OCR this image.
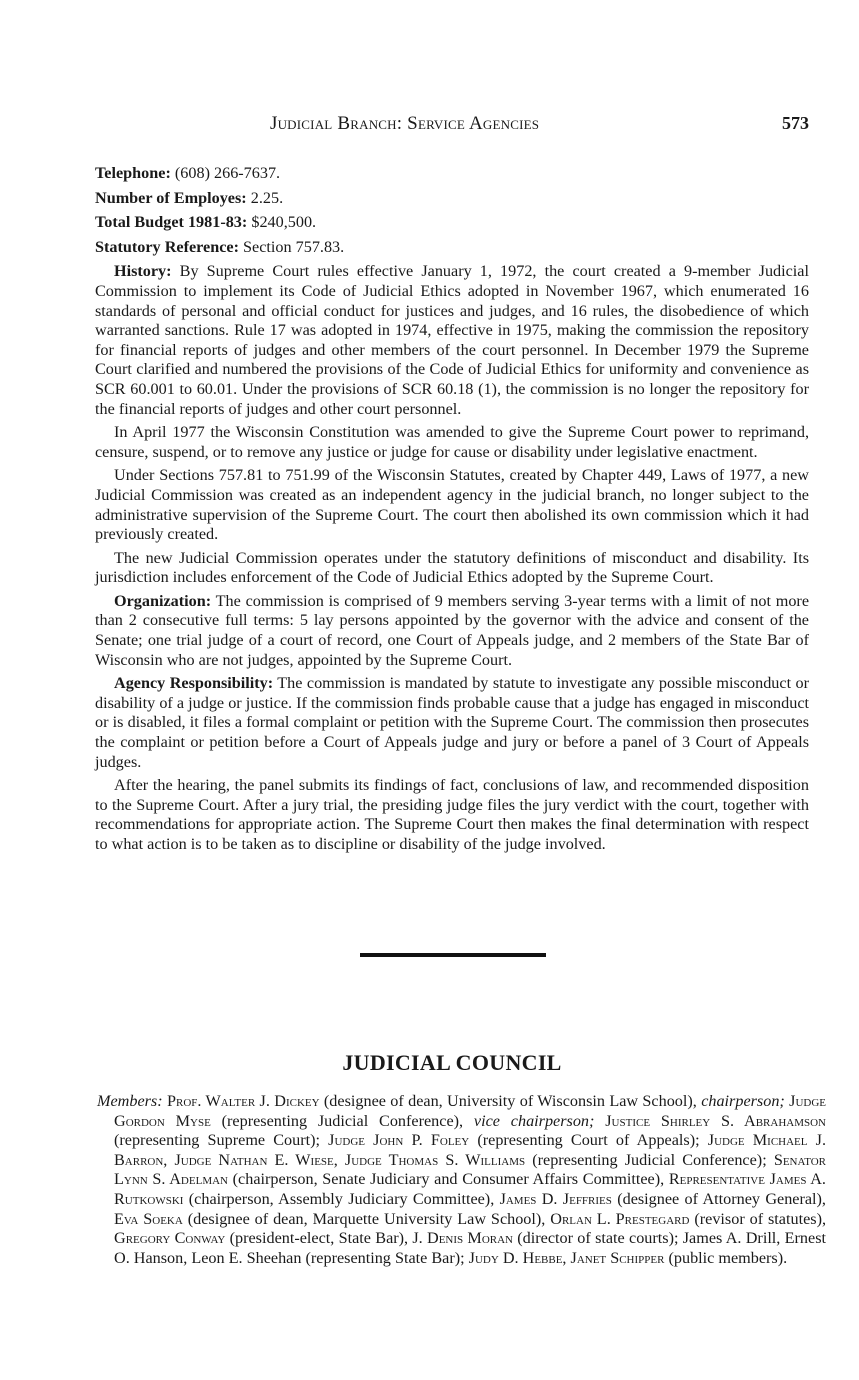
Judicial Branch: Service Agencies	573
Telephone: (608) 266-7637.
Number of Employes: 2.25.
Total Budget 1981-83: $240,500.
Statutory Reference: Section 757.83.

History: By Supreme Court rules effective January 1, 1972, the court created a 9-member Judicial Commission to implement its Code of Judicial Ethics adopted in November 1967, which enumerated 16 standards of personal and official conduct for justices and judges, and 16 rules, the disobedience of which warranted sanctions. Rule 17 was adopted in 1974, effective in 1975, making the commission the repository for financial reports of judges and other members of the court personnel. In December 1979 the Supreme Court clarified and numbered the provisions of the Code of Judicial Ethics for uniformity and convenience as SCR 60.001 to 60.01. Under the provisions of SCR 60.18 (1), the commission is no longer the repository for the financial reports of judges and other court personnel.

In April 1977 the Wisconsin Constitution was amended to give the Supreme Court power to reprimand, censure, suspend, or to remove any justice or judge for cause or disability under legislative enactment.

Under Sections 757.81 to 751.99 of the Wisconsin Statutes, created by Chapter 449, Laws of 1977, a new Judicial Commission was created as an independent agency in the judicial branch, no longer subject to the administrative supervision of the Supreme Court. The court then abolished its own commission which it had previously created.

The new Judicial Commission operates under the statutory definitions of misconduct and disability. Its jurisdiction includes enforcement of the Code of Judicial Ethics adopted by the Supreme Court.

Organization: The commission is comprised of 9 members serving 3-year terms with a limit of not more than 2 consecutive full terms: 5 lay persons appointed by the governor with the advice and consent of the Senate; one trial judge of a court of record, one Court of Appeals judge, and 2 members of the State Bar of Wisconsin who are not judges, appointed by the Supreme Court.

Agency Responsibility: The commission is mandated by statute to investigate any possible misconduct or disability of a judge or justice. If the commission finds probable cause that a judge has engaged in misconduct or is disabled, it files a formal complaint or petition with the Supreme Court. The commission then prosecutes the complaint or petition before a Court of Appeals judge and jury or before a panel of 3 Court of Appeals judges.

After the hearing, the panel submits its findings of fact, conclusions of law, and recommended disposition to the Supreme Court. After a jury trial, the presiding judge files the jury verdict with the court, together with recommendations for appropriate action. The Supreme Court then makes the final determination with respect to what action is to be taken as to discipline or disability of the judge involved.

JUDICIAL COUNCIL
Members: Prof. Walter J. Dickey (designee of dean, University of Wisconsin Law School), chairperson; Judge Gordon Myse (representing Judicial Conference), vice chairperson; Justice Shirley S. Abrahamson (representing Supreme Court); Judge John P. Foley (representing Court of Appeals); Judge Michael J. Barron, Judge Nathan E. Wiese, Judge Thomas S. Williams (representing Judicial Conference); Senator Lynn S. Adelman (chairperson, Senate Judiciary and Consumer Affairs Committee), Representative James A. Rutkowski (chairperson, Assembly Judiciary Committee), James D. Jeffries (designee of Attorney General), Eva Soeka (designee of dean, Marquette University Law School), Orlan L. Prestegard (revisor of statutes), Gregory Conway (president-elect, State Bar), J. Denis Moran (director of state courts); James A. Drill, Ernest O. Hanson, Leon E. Sheehan (representing State Bar); Judy D. Hebbe, Janet Schipper (public members).
